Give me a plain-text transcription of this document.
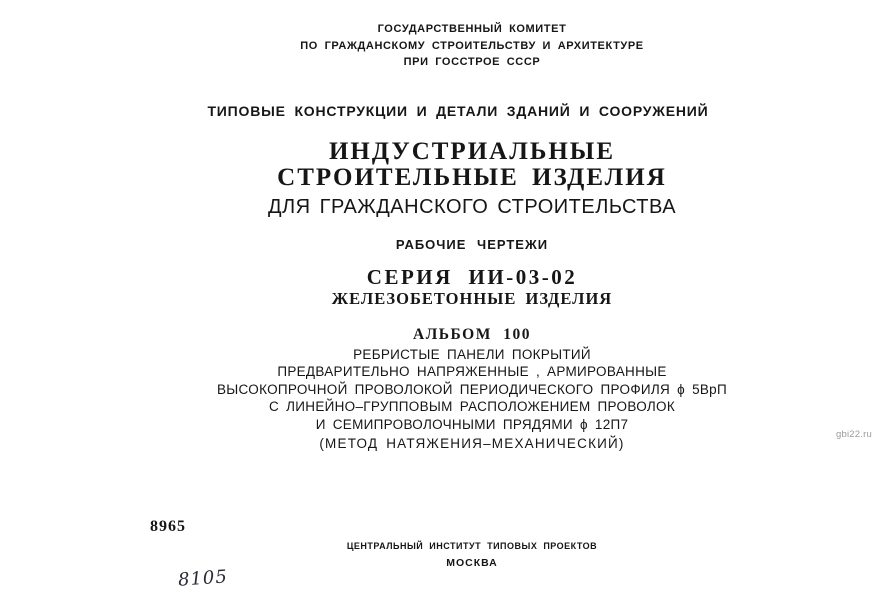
ГОСУДАРСТВЕННЫЙ КОМИТЕТ
ПО ГРАЖДАНСКОМУ СТРОИТЕЛЬСТВУ И АРХИТЕКТУРЕ
ПРИ ГОССТРОЕ СССР
ТИПОВЫЕ КОНСТРУКЦИИ И ДЕТАЛИ ЗДАНИЙ И СООРУЖЕНИЙ
ИНДУСТРИАЛЬНЫЕ
СТРОИТЕЛЬНЫЕ ИЗДЕЛИЯ
ДЛЯ ГРАЖДАНСКОГО СТРОИТЕЛЬСТВА
РАБОЧИЕ ЧЕРТЕЖИ
СЕРИЯ ИИ-03-02
ЖЕЛЕЗОБЕТОННЫЕ ИЗДЕЛИЯ
АЛЬБОМ 100
РЕБРИСТЫЕ ПАНЕЛИ ПОКРЫТИЙ
ПРЕДВАРИТЕЛЬНО НАПРЯЖЕННЫЕ , АРМИРОВАННЫЕ
ВЫСОКОПРОЧНОЙ ПРОВОЛОКОЙ ПЕРИОДИЧЕСКОГО ПРОФИЛЯ ϕ 5ВрП
С ЛИНЕЙНО–ГРУППОВЫМ РАСПОЛОЖЕНИЕМ ПРОВОЛОК
И СЕМИПРОВОЛОЧНЫМИ ПРЯДЯМИ ϕ 12П7
(МЕТОД НАТЯЖЕНИЯ–МЕХАНИЧЕСКИЙ)
8965
ЦЕНТРАЛЬНЫЙ ИНСТИТУТ ТИПОВЫХ ПРОЕКТОВ
МОСКВА
8105
gbi22.ru
